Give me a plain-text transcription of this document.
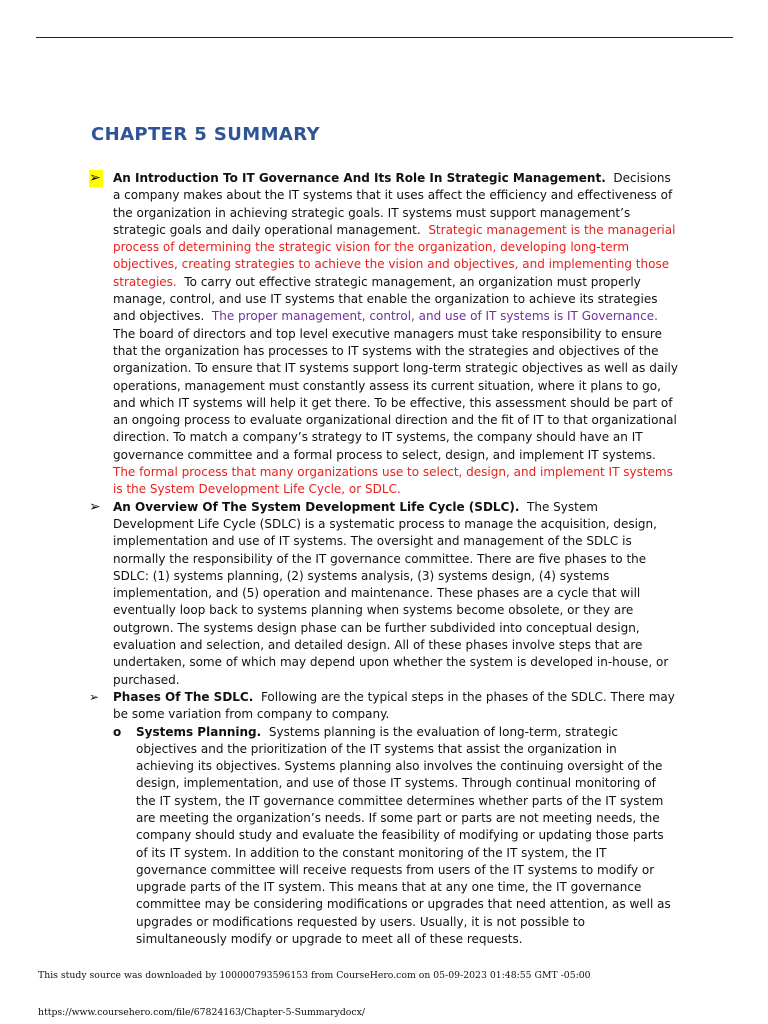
CHAPTER 5 SUMMARY

➢	An Introduction To IT Governance And Its Role In Strategic Management. Decisions a company makes about the IT systems that it uses affect the efficiency and effectiveness of the organization in achieving strategic goals. IT systems must support management’s strategic goals and daily operational management. Strategic management is the managerial process of determining the strategic vision for the organization, developing long-term objectives, creating strategies to achieve the vision and objectives, and implementing those strategies. To carry out effective strategic management, an organization must properly manage, control, and use IT systems that enable the organization to achieve its strategies and objectives. The proper management, control, and use of IT systems is IT Governance.  The board of directors and top level executive managers must take responsibility to ensure that the organization has processes to IT systems with the strategies and objectives of the organization. To ensure that IT systems support long-term strategic objectives as well as daily operations, management must constantly assess its current situation, where it plans to go, and which IT systems will help it get there. To be effective, this assessment should be part of an ongoing process to evaluate organizational direction and the fit of IT to that organizational direction. To match a company’s strategy to IT systems, the company should have an IT governance committee and a formal process to select, design, and implement IT systems.  The formal process that many organizations use to select, design, and implement IT systems is the System Development Life Cycle, or SDLC.

➢	An Overview Of The System Development Life Cycle (SDLC). The System Development Life Cycle (SDLC) is a systematic process to manage the acquisition, design, implementation and use of IT systems. The oversight and management of the SDLC is normally the responsibility of the IT governance committee. There are five phases to the SDLC: (1) systems planning, (2) systems analysis, (3) systems design, (4) systems implementation, and (5) operation and maintenance. These phases are a cycle that will eventually loop back to systems planning when systems become obsolete, or they are outgrown. The systems design phase can be further subdivided into conceptual design, evaluation and selection, and detailed design. All of these phases involve steps that are undertaken, some of which may depend upon whether the system is developed in-house, or purchased.

➢	Phases Of The SDLC. Following are the typical steps in the phases of the SDLC. There may be some variation from company to company.

o Systems Planning. Systems planning is the evaluation of long-term, strategic objectives and the prioritization of the IT systems that assist the organization in achieving its objectives. Systems planning also involves the continuing oversight of the design, implementation, and use of those IT systems. Through continual monitoring of the IT system, the IT governance committee determines whether parts of the IT system are meeting the organization’s needs. If some part or parts are not meeting needs, the company should study and evaluate the feasibility of modifying or updating those parts of its IT system. In addition to the constant monitoring of the IT system, the IT governance committee will receive requests from users of the IT systems to modify or upgrade parts of the IT system. This means that at any one time, the IT governance committee may be considering modifications or upgrades that need attention, as well as upgrades or modifications requested by users. Usually, it is not possible to simultaneously modify or upgrade to meet all of these requests.

This study source was downloaded by 100000793596153 from CourseHero.com on 05-09-2023 01:48:55 GMT -05:00
https://www.coursehero.com/file/67824163/Chapter-5-Summarydocx/
